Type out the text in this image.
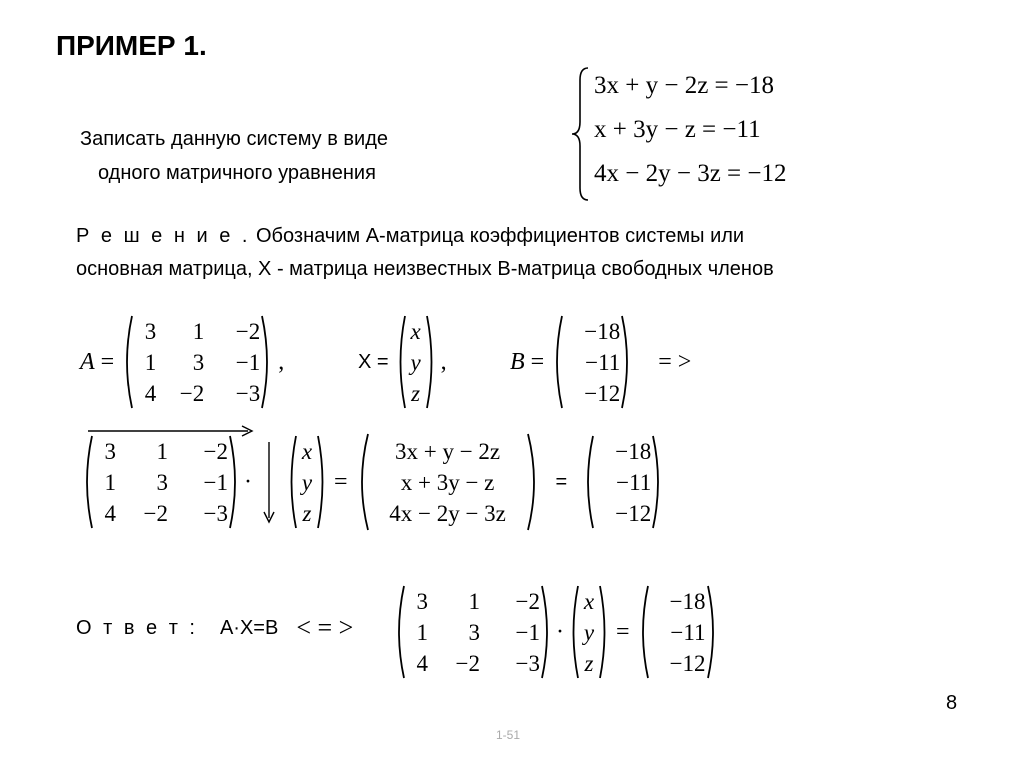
ПРИМЕР 1.
Записать данную систему в виде
одного матричного уравнения
3x + y − 2z = −18
x + 3y − z = −11
4x − 2y − 3z = −12
Р е ш е н и е . Обозначим А-матрица коэффициентов системы или
основная матрица, Х - матрица неизвестных В-матрица свободных членов
A =
3	1	−2
1	3	−1
4	−2	−3
,	X =
x
y
z
,	B =
−18
−11
−12
= >
3	1	−2
1	3	−1
4	−2	−3
·
x
y
z
=
3x + y − 2z
x + 3y − z
4x − 2y − 3z
=
−18
−11
−12
О т в е т : А·Х=В < = >
3	1	−2
1	3	−1
4	−2	−3
·
x
y
z
=
−18
−11
−12
8
1-51
